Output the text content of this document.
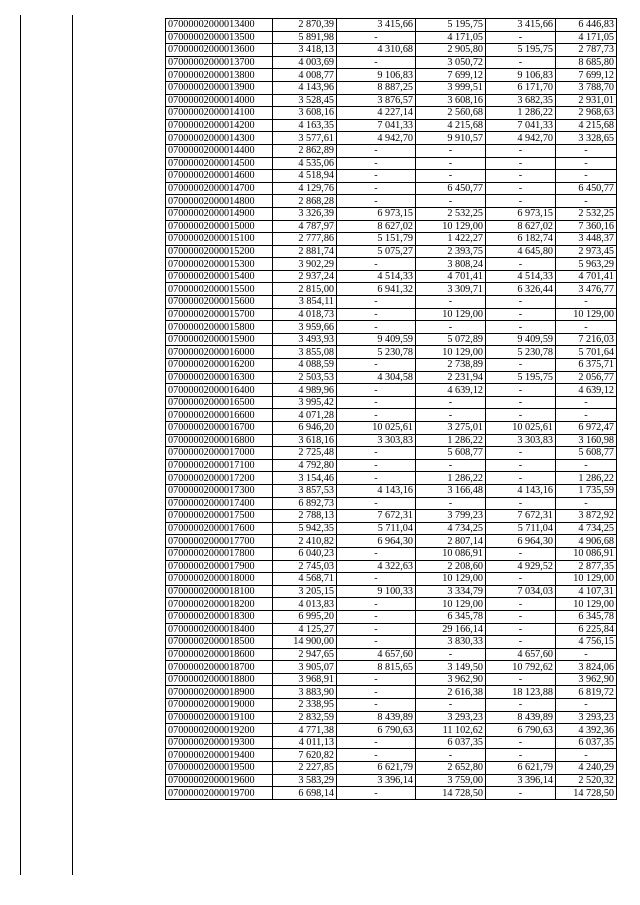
07000002000013400	2 870,39	3 415,66	5 195,75	3 415,66	6 446,83
07000002000013500	5 891,98	-	4 171,05	-	4 171,05
07000002000013600	3 418,13	4 310,68	2 905,80	5 195,75	2 787,73
07000002000013700	4 003,69	-	3 050,72	-	8 685,80
07000002000013800	4 008,77	9 106,83	7 699,12	9 106,83	7 699,12
07000002000013900	4 143,96	8 887,25	3 999,51	6 171,70	3 788,70
07000002000014000	3 528,45	3 876,57	3 608,16	3 682,35	2 931,01
07000002000014100	3 608,16	4 227,14	2 560,68	1 286,22	2 968,63
07000002000014200	4 163,35	7 041,33	4 215,68	7 041,33	4 215,68
07000002000014300	3 577,61	4 942,70	9 910,57	4 942,70	3 328,65
07000002000014400	2 862,89	-	-	-	-
07000002000014500	4 535,06	-	-	-	-
07000002000014600	4 518,94	-	-	-	-
07000002000014700	4 129,76	-	6 450,77	-	6 450,77
07000002000014800	2 868,28	-	-	-	-
07000002000014900	3 326,39	6 973,15	2 532,25	6 973,15	2 532,25
07000002000015000	4 787,97	8 627,02	10 129,00	8 627,02	7 360,16
07000002000015100	2 777,86	5 151,79	1 422,27	6 182,74	3 448,37
07000002000015200	2 881,74	5 075,27	2 393,75	4 645,80	2 973,45
07000002000015300	3 902,29	-	3 808,24	-	5 963,29
07000002000015400	2 937,24	4 514,33	4 701,41	4 514,33	4 701,41
07000002000015500	2 815,00	6 941,32	3 309,71	6 326,44	3 476,77
07000002000015600	3 854,11	-	-	-	-
07000002000015700	4 018,73	-	10 129,00	-	10 129,00
07000002000015800	3 959,66	-	-	-	-
07000002000015900	3 493,93	9 409,59	5 072,89	9 409,59	7 216,03
07000002000016000	3 855,08	5 230,78	10 129,00	5 230,78	5 701,64
07000002000016200	4 088,59	-	2 738,89	-	6 375,71
07000002000016300	2 503,53	4 304,58	2 231,94	5 195,75	2 056,77
07000002000016400	4 989,96	-	4 639,12	-	4 639,12
07000002000016500	3 995,42	-	-	-	-
07000002000016600	4 071,28	-	-	-	-
07000002000016700	6 946,20	10 025,61	3 275,01	10 025,61	6 972,47
07000002000016800	3 618,16	3 303,83	1 286,22	3 303,83	3 160,98
07000002000017000	2 725,48	-	5 608,77	-	5 608,77
07000002000017100	4 792,80	-	-	-	-
07000002000017200	3 154,46	-	1 286,22	-	1 286,22
07000002000017300	3 857,53	4 143,16	3 166,48	4 143,16	1 735,59
07000002000017400	6 892,73	-	-	-	-
07000002000017500	2 788,13	7 672,31	3 799,23	7 672,31	3 872,92
07000002000017600	5 942,35	5 711,04	4 734,25	5 711,04	4 734,25
07000002000017700	2 410,82	6 964,30	2 807,14	6 964,30	4 906,68
07000002000017800	6 040,23	-	10 086,91	-	10 086,91
07000002000017900	2 745,03	4 322,63	2 208,60	4 929,52	2 877,35
07000002000018000	4 568,71	-	10 129,00	-	10 129,00
07000002000018100	3 205,15	9 100,33	3 334,79	7 034,03	4 107,31
07000002000018200	4 013,83	-	10 129,00	-	10 129,00
07000002000018300	6 995,20	-	6 345,78	-	6 345,78
07000002000018400	4 125,27	-	29 166,14	-	6 225,84
07000002000018500	14 900,00	-	3 830,33	-	4 756,15
07000002000018600	2 947,65	4 657,60	-	4 657,60	-
07000002000018700	3 905,07	8 815,65	3 149,50	10 792,62	3 824,06
07000002000018800	3 968,91	-	3 962,90	-	3 962,90
07000002000018900	3 883,90	-	2 616,38	18 123,88	6 819,72
07000002000019000	2 338,95	-	-	-	-
07000002000019100	2 832,59	8 439,89	3 293,23	8 439,89	3 293,23
07000002000019200	4 771,38	6 790,63	11 102,62	6 790,63	4 392,36
07000002000019300	4 011,13	-	6 037,35	-	6 037,35
07000002000019400	7 620,82	-	-	-	-
07000002000019500	2 227,85	6 621,79	2 652,80	6 621,79	4 240,29
07000002000019600	3 583,29	3 396,14	3 759,00	3 396,14	2 520,32
07000002000019700	6 698,14	-	14 728,50	-	14 728,50
